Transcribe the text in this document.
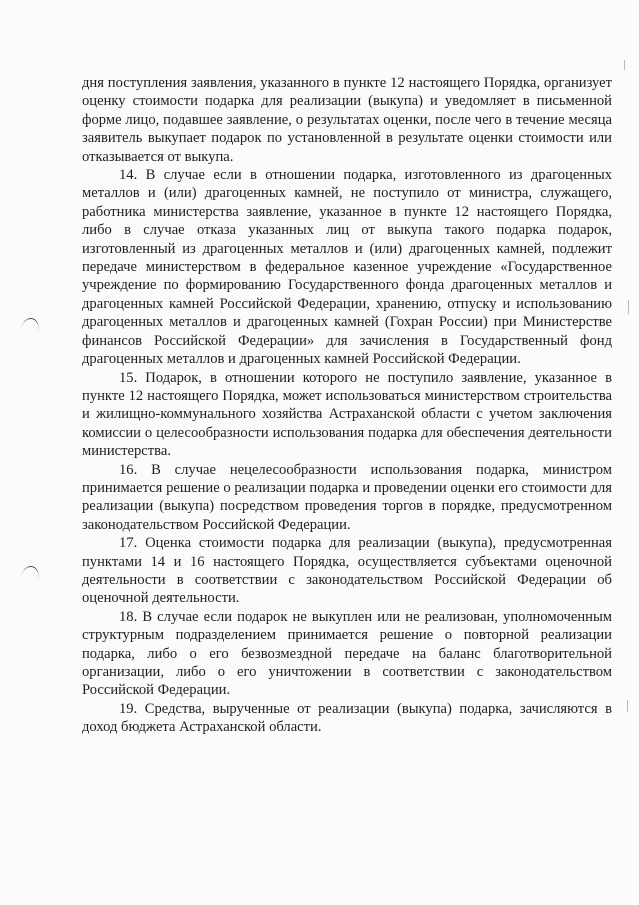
дня поступления заявления, указанного в пункте 12 настоящего Порядка, организует оценку стоимости подарка для реализации (выкупа) и уведомляет в письменной форме лицо, подавшее заявление, о результатах оценки, после чего в течение месяца заявитель выкупает подарок по установленной в результате оценки стоимости или отказывается от выкупа.

14. В случае если в отношении подарка, изготовленного из драгоценных металлов и (или) драгоценных камней, не поступило от министра, служащего, работника министерства заявление, указанное в пункте 12 настоящего Порядка, либо в случае отказа указанных лиц от выкупа такого подарка подарок, изготовленный из драгоценных металлов и (или) драгоценных камней, подлежит передаче министерством в федеральное казенное учреждение «Государственное учреждение по формированию Государственного фонда драгоценных металлов и драгоценных камней Российской Федерации, хранению, отпуску и использованию драгоценных металлов и драгоценных камней (Гохран России) при Министерстве финансов Российской Федерации» для зачисления в Государственный фонд драгоценных металлов и драгоценных камней Российской Федерации.

15. Подарок, в отношении которого не поступило заявление, указанное в пункте 12 настоящего Порядка, может использоваться министерством строительства и жилищно-коммунального хозяйства Астраханской области с учетом заключения комиссии о целесообразности использования подарка для обеспечения деятельности министерства.

16. В случае нецелесообразности использования подарка, министром принимается решение о реализации подарка и проведении оценки его стоимости для реализации (выкупа) посредством проведения торгов в порядке, предусмотренном законодательством Российской Федерации.

17. Оценка стоимости подарка для реализации (выкупа), предусмотренная пунктами 14 и 16 настоящего Порядка, осуществляется субъектами оценочной деятельности в соответствии с законодательством Российской Федерации об оценочной деятельности.

18. В случае если подарок не выкуплен или не реализован, уполномоченным структурным подразделением принимается решение о повторной реализации подарка, либо о его безвозмездной передаче на баланс благотворительной организации, либо о его уничтожении в соответствии с законодательством Российской Федерации.

19. Средства, вырученные от реализации (выкупа) подарка, зачисляются в доход бюджета Астраханской области.
